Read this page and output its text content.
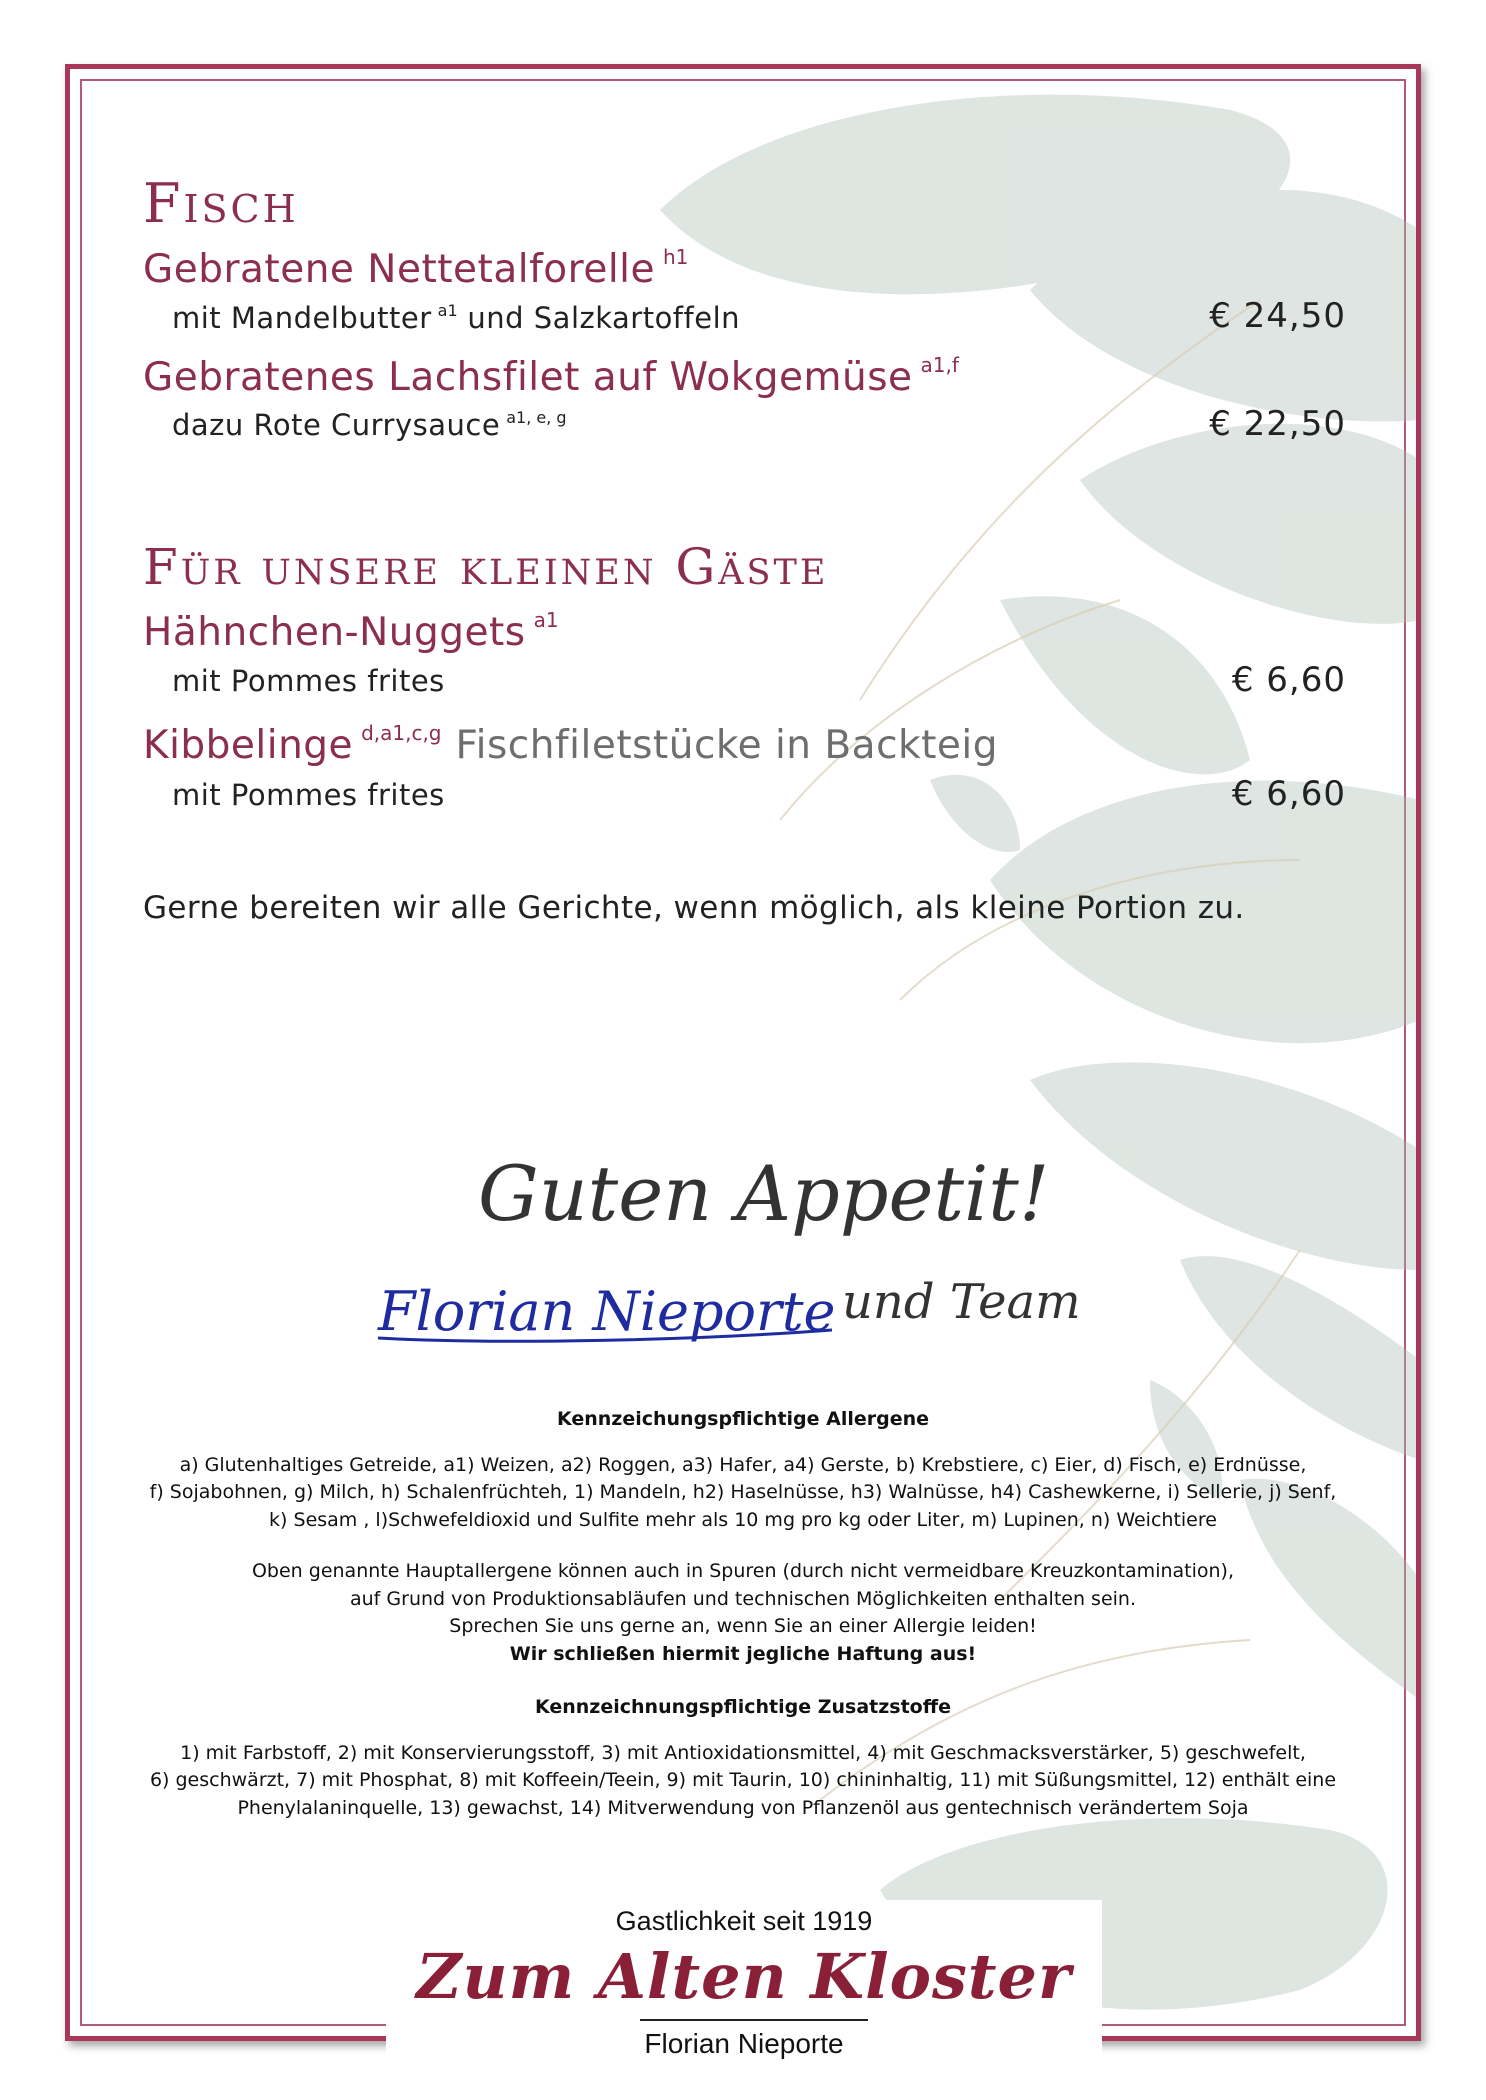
Fisch

Gebratene Nettetalforelle $^{h1}$

mit Mandelbutter $^{a1}$ und Salzkartoffeln	€ 24,50

Gebratenes Lachsfilet auf Wokgemüse $^{a1,f}$

dazu Rote Currysauce $^{a1, e, g}$	€ 22,50

Für unsere kleinen Gäste

Hähnchen-Nuggets $^{a1}$

mit Pommes frites	€ 6,60

Kibbelinge $^{d,a1,c,g}$ Fischfiletstücke in Backteig

mit Pommes frites	€ 6,60

Gerne bereiten wir alle Gerichte, wenn möglich, als kleine Portion zu.

Guten Appetit!
Florian Nieporte und Team

Kennzeichungspflichtige Allergene

a) Glutenhaltiges Getreide, a1) Weizen, a2) Roggen, a3) Hafer, a4) Gerste, b) Krebstiere, c) Eier, d) Fisch, e) Erdnüsse,

f) Sojabohnen, g) Milch, h) Schalenfrüchteh, 1) Mandeln, h2) Haselnüsse, h3) Walnüsse, h4) Cashewkerne, i) Sellerie, j) Senf,

k) Sesam , l)Schwefeldioxid und Sulfite mehr als 10 mg pro kg oder Liter, m) Lupinen, n) Weichtiere

Oben genannte Hauptallergene können auch in Spuren (durch nicht vermeidbare Kreuzkontamination),

auf Grund von Produktionsabläufen und technischen Möglichkeiten enthalten sein.

Sprechen Sie uns gerne an, wenn Sie an einer Allergie leiden!

Wir schließen hiermit jegliche Haftung aus!

Kennzeichnungspflichtige Zusatzstoffe

1) mit Farbstoff, 2) mit Konservierungsstoff, 3) mit Antioxidationsmittel, 4) mit Geschmacksverstärker, 5) geschwefelt,

6) geschwärzt, 7) mit Phosphat, 8) mit Koffeein/Teein, 9) mit Taurin, 10) chininhaltig, 11) mit Süßungsmittel, 12) enthält eine

Phenylalaninquelle, 13) gewachst, 14) Mitverwendung von Pflanzenöl aus gentechnisch verändertem Soja

Gastlichkeit seit 1919
Zum Alten Kloster
Florian Nieporte
